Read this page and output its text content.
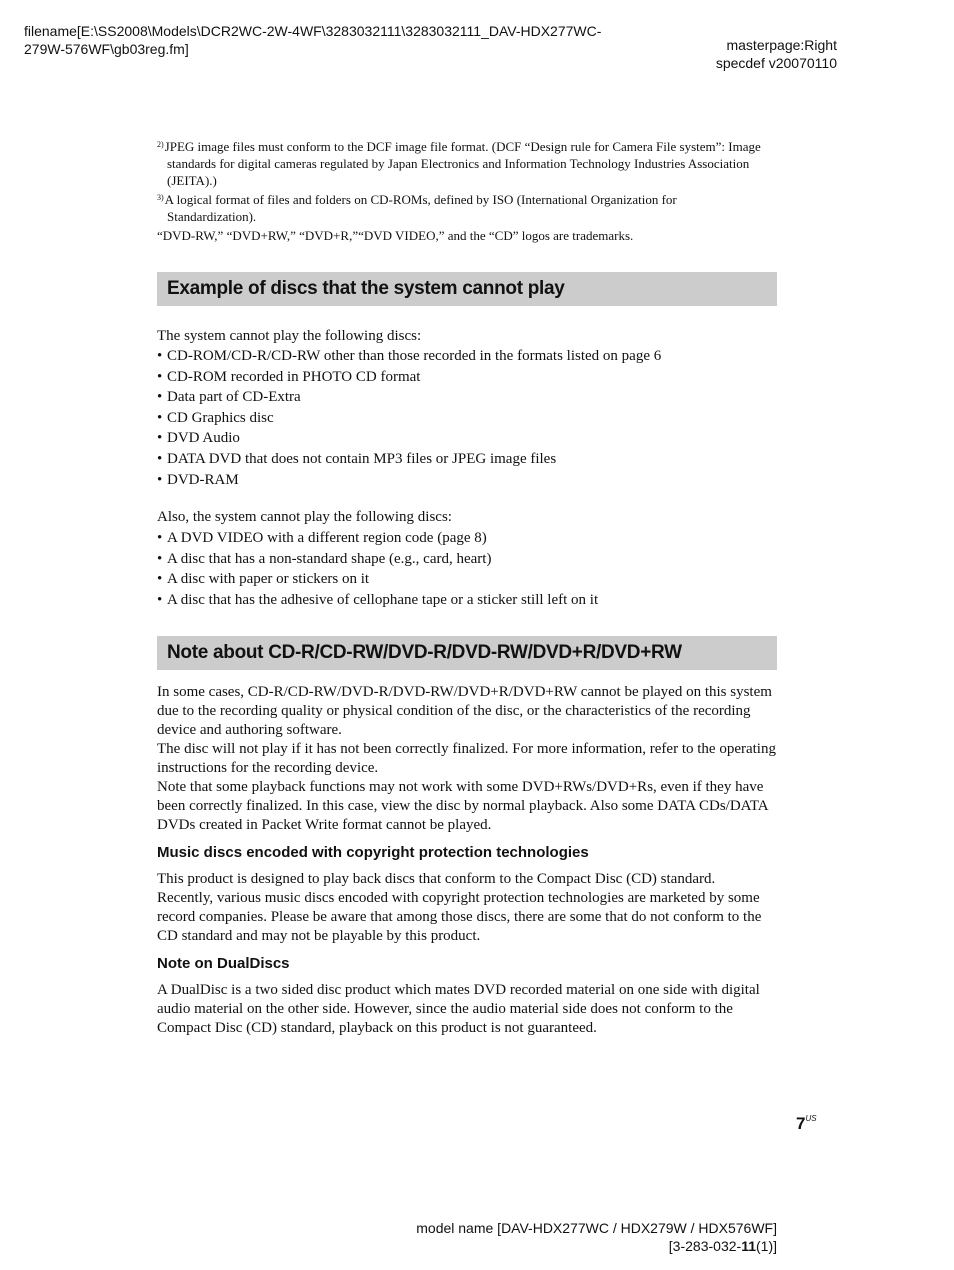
filename[E:\SS2008\Models\DCR2WC-2W-4WF\3283032111\3283032111_DAV-HDX277WC-
279W-576WF\gb03reg.fm]	masterpage:Right
specdef v20070110
$^{2)}$JPEG image files must conform to the DCF image file format. (DCF “Design rule for Camera File system”: Image
standards for digital cameras regulated by Japan Electronics and Information Technology Industries Association
(JEITA).)
$^{3)}$A logical format of files and folders on CD-ROMs, defined by ISO (International Organization for
Standardization).
“DVD-RW,” “DVD+RW,” “DVD+R,”“DVD VIDEO,” and the “CD” logos are trademarks.
Example of discs that the system cannot play
The system cannot play the following discs:
• CD-ROM/CD-R/CD-RW other than those recorded in the formats listed on page 6
• CD-ROM recorded in PHOTO CD format
• Data part of CD-Extra
• CD Graphics disc
• DVD Audio
• DATA DVD that does not contain MP3 files or JPEG image files
• DVD-RAM
Also, the system cannot play the following discs:
• A DVD VIDEO with a different region code (page 8)
• A disc that has a non-standard shape (e.g., card, heart)
• A disc with paper or stickers on it
• A disc that has the adhesive of cellophane tape or a sticker still left on it
Note about CD-R/CD-RW/DVD-R/DVD-RW/DVD+R/DVD+RW

In some cases, CD-R/CD-RW/DVD-R/DVD-RW/DVD+R/DVD+RW cannot be played on this system

due to the recording quality or physical condition of the disc, or the characteristics of the recording

device and authoring software.

The disc will not play if it has not been correctly finalized. For more information, refer to the operating

instructions for the recording device.

Note that some playback functions may not work with some DVD+RWs/DVD+Rs, even if they have

been correctly finalized. In this case, view the disc by normal playback. Also some DATA CDs/DATA

DVDs created in Packet Write format cannot be played.

Music discs encoded with copyright protection technologies

This product is designed to play back discs that conform to the Compact Disc (CD) standard.

Recently, various music discs encoded with copyright protection technologies are marketed by some

record companies. Please be aware that among those discs, there are some that do not conform to the

CD standard and may not be playable by this product.

Note on DualDiscs

A DualDisc is a two sided disc product which mates DVD recorded material on one side with digital

audio material on the other side. However, since the audio material side does not conform to the

Compact Disc (CD) standard, playback on this product is not guaranteed.

$7^{US}$
model name [DAV-HDX277WC / HDX279W / HDX576WF]
[3-283-032-11(1)]
